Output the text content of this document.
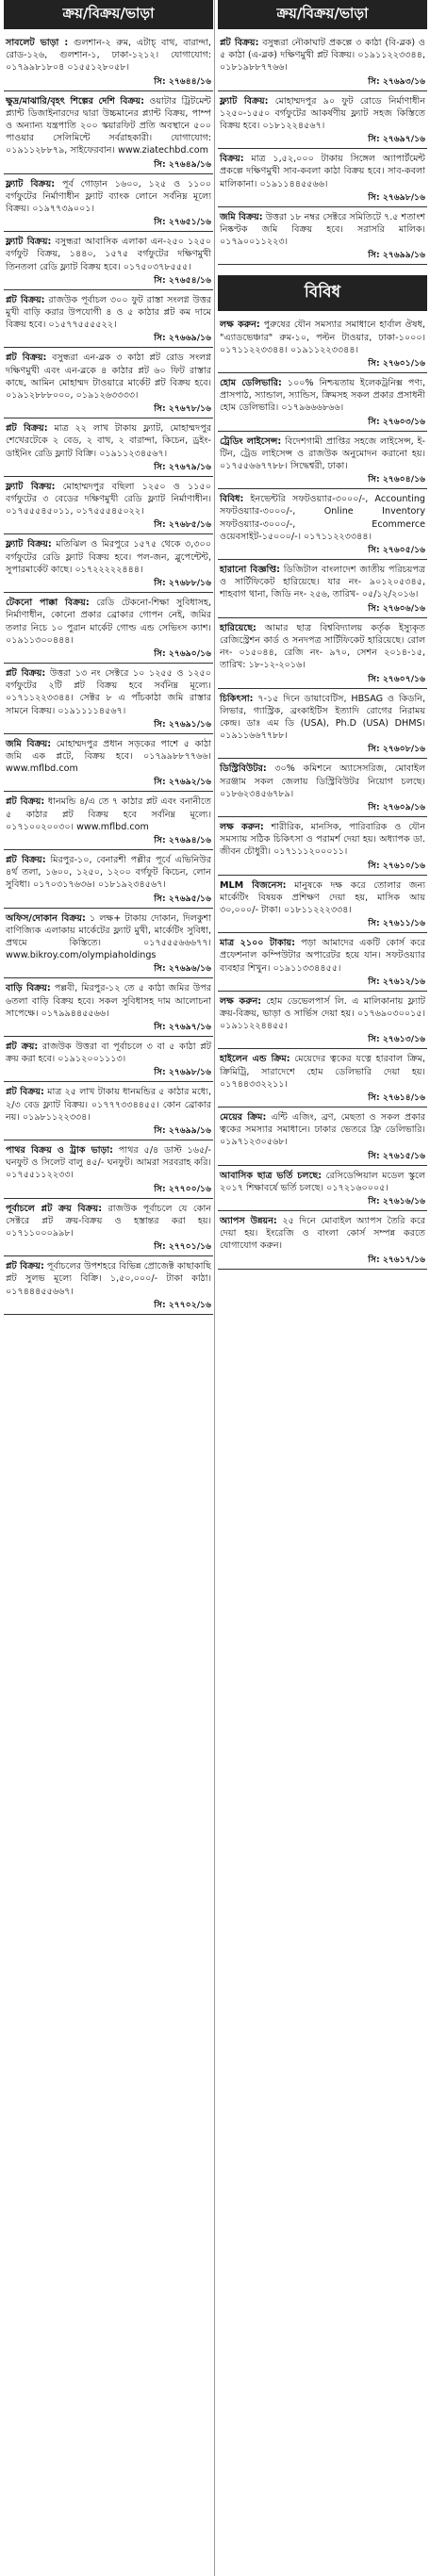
ক্রয়/বিক্রয়/ভাড়া
সাবলেট ভাড়া : গুলশান-২ রুম, এটাচ্ বাথ, বারান্দা, রোড-১২৬, গুলশান-১, ঢাকা-১২১২। যোগাযোগ: ০১৭৯৯৮১৮০৪ ০১৫৫১২৮০৫৮।
সি: ২৭৬৪৪/১৬
ক্ষুদ্র/মাঝারি/বৃহৎ শিল্পের দেশি বিক্রয়: ওয়াটার ট্রিটমেন্ট প্ল্যান্ট ডিজাইনারদের দ্বারা উচ্চমানের প্ল্যান্ট বিক্রয়, পাম্প ও অন্যান্য যন্ত্রপাতি ২০০ স্কয়ারফিট প্রতি অবস্থানে ৫০০ পাওয়ার সেলিমিন্টে সর্বরাহকারী। যোগাযোগ: ০১৯১১২৮৮৭৯, সাইফেরবান। www.ziatechbd.com
সি: ২৭৬৪৯/১৬
ফ্ল্যাট বিক্রয়: পূর্ব গোড়ান ১৬০০, ১২৫ ও ১১০০ বর্গফুটের নির্মাণাধীন ফ্ল্যাট ব্যাংক লোনে সর্বনিম্ন মূল্যে বিক্রয়। ০১৯৭৭৩৯০০১।
সি: ২৭৬৫১/১৬
ফ্ল্যাট বিক্রয়: বসুন্ধরা আবাসিক এলাকা এন-২৫০ ১২৫০ বর্গফুট বিক্রয়, ১৪৪০, ১৫৭৫ বর্গফুটের দক্ষিণমুখী তিনতলা রেডি ফ্ল্যাট বিক্রয় হবে। ০১৭৫০৩৭৮৫৫৫।
সি: ২৭৬৫৪/১৬
প্লট বিক্রয়: রাজউক পূর্বাচল ৩০০ ফুট রাস্তা সংলগ্ন উত্তর মুখী বাড়ি করার উপযোগী ৪ ও ৫ কাঠার প্লট কম দামে বিক্রয় হবে। ০১৫৭৭৫৫৫৫২২।
সি: ২৭৬৬৯/১৬
প্লট বিক্রয়: বসুন্ধরা এন-ব্লক ৩ কাঠা প্লট রোড সংলগ্ন দক্ষিণমুখী এবং এন-ব্লকে ৪ কাঠার প্লট ৬০ ফিট রাস্তার কাছে, আমিন মোহাম্মদ টাওয়ারে মার্কেট প্লট বিক্রয় হবে। ০১৯১২৮৮৮০০০, ০১৯১২৬৩৩৩৩।
সি: ২৭৬৭৮/১৬
প্লট বিক্রয়: মাত্র ২২ লাখ টাকায় ফ্ল্যাট, মোহাম্মদপুর শেখেরটেকে ২ বেড, ২ বাথ, ২ বারান্দা, কিচেন, ড্রইং-ডাইনিং রেডি ফ্ল্যাট বিক্রি। ০১৯১১২৩৪৫৬৭।
সি: ২৭৬৭৯/১৬
ফ্ল্যাট বিক্রয়: মোহাম্মদপুর বছিলা ১২৫০ ও ১১৫০ বর্গফুটের ৩ বেডের দক্ষিণমুখী রেডি ফ্ল্যাট নির্মাণাধীন। ০১৭৫৫৫৪৫০১১, ০১৭৫৫৫৪৫০২২।
সি: ২৭৬৮৫/১৬
ফ্ল্যাট বিক্রয়: মতিঝিল ও মিরপুরে ১৫৭৫ থেকে ৩,৩০০ বর্গফুটের রেডি ফ্ল্যাট বিক্রয় হবে। পল-জন, ব্লুপেন্টেন্ট, সুপারমার্কেট কাছে। ০১৭২২২২২৪৪৪।
সি: ২৭৬৮৮/১৬
টেকনো পাক্কা বিক্রয়: রেডি টেকনো-শিক্ষা সুবিধাসহ, নির্মাণাধীন, কোনো প্রকার ব্রোকার গোপন নেই, জমির তলার নিচে ১০ পুরান মার্কেট গোল্ড এন্ড সেভিংস ক্যাশ। ০১৯১১৩০০৪৪৪।
সি: ২৭৬৯০/১৬
প্লট বিক্রয়: উত্তরা ১৩ নং সেক্টরে ১০ ১২৫৫ ও ১২৫০ বর্গফুটের ২টি প্লট বিক্রয় হবে সর্বনিম্ন মূল্যে। ০১৭১১২২৩৩৪৪। সেক্টর ৮ এ পাঁচকাঠা জমি রাস্তার সামনে বিক্রয়। ০১৯১১১১৪৫৬৭।
সি: ২৭৬৯১/১৬
জমি বিক্রয়: মোহাম্মদপুর প্রধান সড়কের পাশে ৫ কাঠা জমি এক প্লটে, বিক্রয় হবে। ০১৭৯৯৮৮৭৭৬৬। www.mflbd.com
সি: ২৭৬৯২/১৬
প্লট বিক্রয়: ধানমন্ডি ৪/এ তে ৭ কাঠার প্লট এবং বনানীতে ৫ কাঠার প্লট বিক্রয় হবে সর্বনিম্ন মূল্যে। ০১৭১০০২০০৩০। www.mflbd.com
সি: ২৭৬৯৪/১৬
প্লট বিক্রয়: মিরপুর-১০, বেনারশী পল্লীর পূর্বে এভিনিউর ৪র্থ তলা, ১৬০০, ১২৫০, ১২০০ বর্গফুট কিচেন, লোন সুবিধা। ০১৭০৩১৭৬৩৬। ০১৮১৯২৩৪৫৬৭।
সি: ২৭৬৯৫/১৬
অফিস/দোকান বিক্রয়: ১ লক্ষ+ টাকায় দোকান, দিলকুশা বাণিজ্যিক এলাকায় মার্কেটের ফ্ল্যাট মুখী, মার্কেটিং সুবিধা, প্রথমে কিস্তিতে। ০১৭৫৫৫৬৬৬৭৭। www.bikroy.com/olympiaholdings
সি: ২৭৬৯৬/১৬
বাড়ি বিক্রয়: পল্লবী, মিরপুর-১২ তে ৫ কাঠা জমির উপর ৬তলা বাড়ি বিক্রয় হবে। সকল সুবিধাসহ দাম আলোচনা সাপেক্ষে। ০১৭৯৯৪৪৫৫৬৬।
সি: ২৭৬৯৭/১৬
প্লট ক্রয়: রাজউক উত্তরা বা পূর্বাচলে ৩ বা ৫ কাঠা প্লট ক্রয় করা হবে। ০১৯১২০০১১১৩।
সি: ২৭৬৯৮/১৬
প্লট বিক্রয়: মাত্র ২৫ লাখ টাকায় ধানমন্ডির ৫ কাঠার মধ্যে, ২/৩ বেড ফ্ল্যাট বিক্রয়। ০১৭৭৭৩৩৪৪৫৫। কোন ব্রোকার নয়। ০১৯৮১১২২৩৩৪।
সি: ২৭৬৯৯/১৬
পাথর বিক্রয় ও ট্রাক ভাড়া: পাথর ৫/৪ ডাস্ট ১৬৫/- ঘনফুট ও সিলেট বালু ৪৫/- ঘনফুট। আমরা সরবরাহ করি। ০১৭৫৫১১২২৩৩।
সি: ২৭৭০০/১৬
পূর্বাচলে প্লট ক্রয় বিক্রয়: রাজউক পূর্বাচলে যে কোন সেক্টরে প্লট ক্রয়-বিক্রয় ও হস্তান্তর করা হয়। ০১৭১১০০০৯৯৮।
সি: ২৭৭০১/১৬
প্লট বিক্রয়: পূর্বাচলের উপশহরে বিভিন্ন প্রোজেক্ট কাছাকাছি প্লট সুলভ মূল্যে বিক্রি। ১,৫০,০০০/- টাকা কাঠা। ০১৭৪৪৪৫৫৬৬৭।
সি: ২৭৭০২/১৬
ক্রয়/বিক্রয়/ভাড়া
প্লট বিক্রয়: বসুন্ধরা নৌকাঘাট প্রকল্পে ৩ কাঠা (বি-ব্লক) ও ৫ কাঠা (এ-ব্লক) দক্ষিণমুখী প্লট বিক্রয়। ০১৯১১২২৩৩৪৪, ০১৮১৯৮৮৭৭৬৬।
সি: ২৭৬৯৩/১৬
ফ্ল্যাট বিক্রয়: মোহাম্মদপুর ৯০ ফুট রোডে নির্মাণাধীন ১২৫০-১৫৫০ বর্গফুটের আকর্ষণীয় ফ্ল্যাট সহজ কিস্তিতে বিক্রয় হবে। ০১৮১২২৪৫৬৭।
সি: ২৭৬৯৭/১৬
বিক্রয়: মাত্র ১,৫২,০০০ টাকায় সিঙ্গেল অ্যাপার্টমেন্ট প্রকল্পে দক্ষিণমুখী সাব-কবলা কাঠা বিক্রয় হবে। সাব-কবলা মালিকানা। ০১৯১১৪৪৫৫৬৬।
সি: ২৭৬৯৮/১৬
জমি বিক্রয়: উত্তরা ১৮ নম্বর সেক্টরে সমিতিটে ৭.৫ শতাংশ নিষ্কণ্টক জমি বিক্রয় হবে। সরাসরি মালিক। ০১৭৯০০১১২২৩।
সি: ২৭৬৯৯/১৬
বিবিধ
লক্ষ করুন: পুরুষের যৌন সমস্যার সমাধানে হার্বাল ঔষধ, "এ্যাডভেঞ্চার" রুম-১০, পল্টন টাওয়ার, ঢাকা-১০০০। ০১৭১১২২৩৩৪৪। ০১৯১১২২৩৩৪৪।
সি: ২৭৬০১/১৬
হোম ডেলিভারি: ১০০% নিশ্চয়তায় ইলেকট্রনিক্স পণ্য, প্রাসপাঠ, স্যান্ডাল, স্যান্ডিস, ক্রিমসহ সকল প্রকার প্রসাধনী হোম ডেলিভারি। ০১৭৯৬৬৬৮৬৬।
সি: ২৭৬০৩/১৬
ট্রেডিং লাইসেন্স: বিদেশগামী প্রাপ্তির সহজে লাইসেন্স, ই-টিন, ট্রেড লাইসেন্স ও রাজউক অনুমোদন করানো হয়। ০১৭৫৫৬৬৭৭৮৮। সিদ্ধেশ্বরী, ঢাকা।
সি: ২৭৬০৪/১৬
বিবিধ: ইনভেন্টরি সফটওয়্যার-৩০০০/-, Accounting সফটওয়্যার-৩০০০/-, Online Inventory সফটওয়্যার-৩০০০/-, Ecommerce ওয়েবসাইট-১৫০০০/-। ০১৭১১২২৩৩৪৪।
সি: ২৭৬০৫/১৬
হারানো বিজ্ঞপ্তি: ডিজিটাল বাংলাদেশ জাতীয় পরিচয়পত্র ও সার্টিফিকেট হারিয়েছে। যার নং- ৯০১২০৫৩৪৫, শাহবাগ থানা, জিডি নং- ২৫৬, তারিখ- ০৫/১২/২০১৬।
সি: ২৭৬০৬/১৬
হারিয়েছে: আমার ছাত্র বিশ্ববিদ্যালয় কর্তৃক ইস্যুকৃত রেজিস্ট্রেশন কার্ড ও সনদপত্র সার্টিফিকেট হারিয়েছে। রোল নং- ০১৫০৪৪, রেজি নং- ৯৭০, সেশন ২০১৪-১৫, তারিখ: ১৮-১২-২০১৬।
সি: ২৭৬০৭/১৬
চিকিৎসা: ৭-১৫ দিনে ডায়াবেটিস, HBSAG ও কিডনি, লিভার, গ্যাস্ট্রিক, ব্রংকাইটিস ইত্যাদি রোগের নিরাময় কেন্দ্র। ডাঃ এম ডি (USA), Ph.D (USA) DHMS। ০১৯১১৬৬৭৭৮৮।
সি: ২৭৬০৮/১৬
ডিস্ট্রিবিউটর: ৩০% কমিশনে অ্যাসেসরিজ, মোবাইল সরঞ্জাম সকল জেলায় ডিস্ট্রিবিউটর নিয়োগ চলছে। ০১৮৬২৩৪৫৬৭৮৯।
সি: ২৭৬০৯/১৬
লক্ষ করুন: শারীরিক, মানসিক, পারিবারিক ও যৌন সমস্যায় সঠিক চিকিৎসা ও পরামর্শ দেয়া হয়। অধ্যাপক ডা. জীবন চৌধুরী। ০১৭১১১২০০০১১।
সি: ২৭৬১০/১৬
MLM বিজনেস: মানুষকে দক্ষ করে তোলার জন্য মার্কেটিং বিষয়ক প্রশিক্ষণ দেয়া হয়, মাসিক আয় ৩০,০০০/- টাকা। ০১৮১১২২২৩৩৪।
সি: ২৭৬১১/১৬
মাত্র ২১০০ টাকায়: পড়া আমাদের একটি কোর্স করে প্রফেশনাল কম্পিউটার অপারেটর হয়ে যান। সফটওয়্যার ব্যবহার শিখুন। ০১৯১১৩৩৪৪৫৫।
সি: ২৭৬১২/১৬
লক্ষ করুন: হোম ডেভেলপার্স লি. এ মালিকানায় ফ্ল্যাট ক্রয়-বিক্রয়, ভাড়া ও সার্ভিস দেয়া হয়। ০১৭৬৯০৩০০১৫। ০১৯১১২২৪৪৫৫।
সি: ২৭৬১৩/১৬
হাইলেন এন্ড ক্রিম: মেয়েদের ত্বকের যত্নে হারবাল ক্রিম, ক্রিমিট্রি, সারাদেশে হোম ডেলিভারি দেয়া হয়। ০১৭৪৪৩৩২২১১।
সি: ২৭৬১৪/১৬
মেয়ের ক্রিম: এন্টি এজিং, ব্রণ, মেছতা ও সকল প্রকার ত্বকের সমস্যার সমাধানে। ঢাকার ভেতরে ফ্রি ডেলিভারি। ০১৯৭১২৩০৫৬৮।
সি: ২৭৬১৫/১৬
আবাসিক ছাত্র ভর্তি চলছে: রেসিডেন্সিয়াল মডেল স্কুলে ২০১৭ শিক্ষাবর্ষে ভর্তি চলছে। ০১৭২১৬০০০৫।
সি: ২৭৬১৬/১৬
অ্যাপস উন্নয়ন: ২৫ দিনে মোবাইল অ্যাপস তৈরি করে দেয়া হয়। ইংরেজি ও বাংলা কোর্স সম্পন্ন করতে যোগাযোগ করুন।
সি: ২৭৬১৭/১৬
